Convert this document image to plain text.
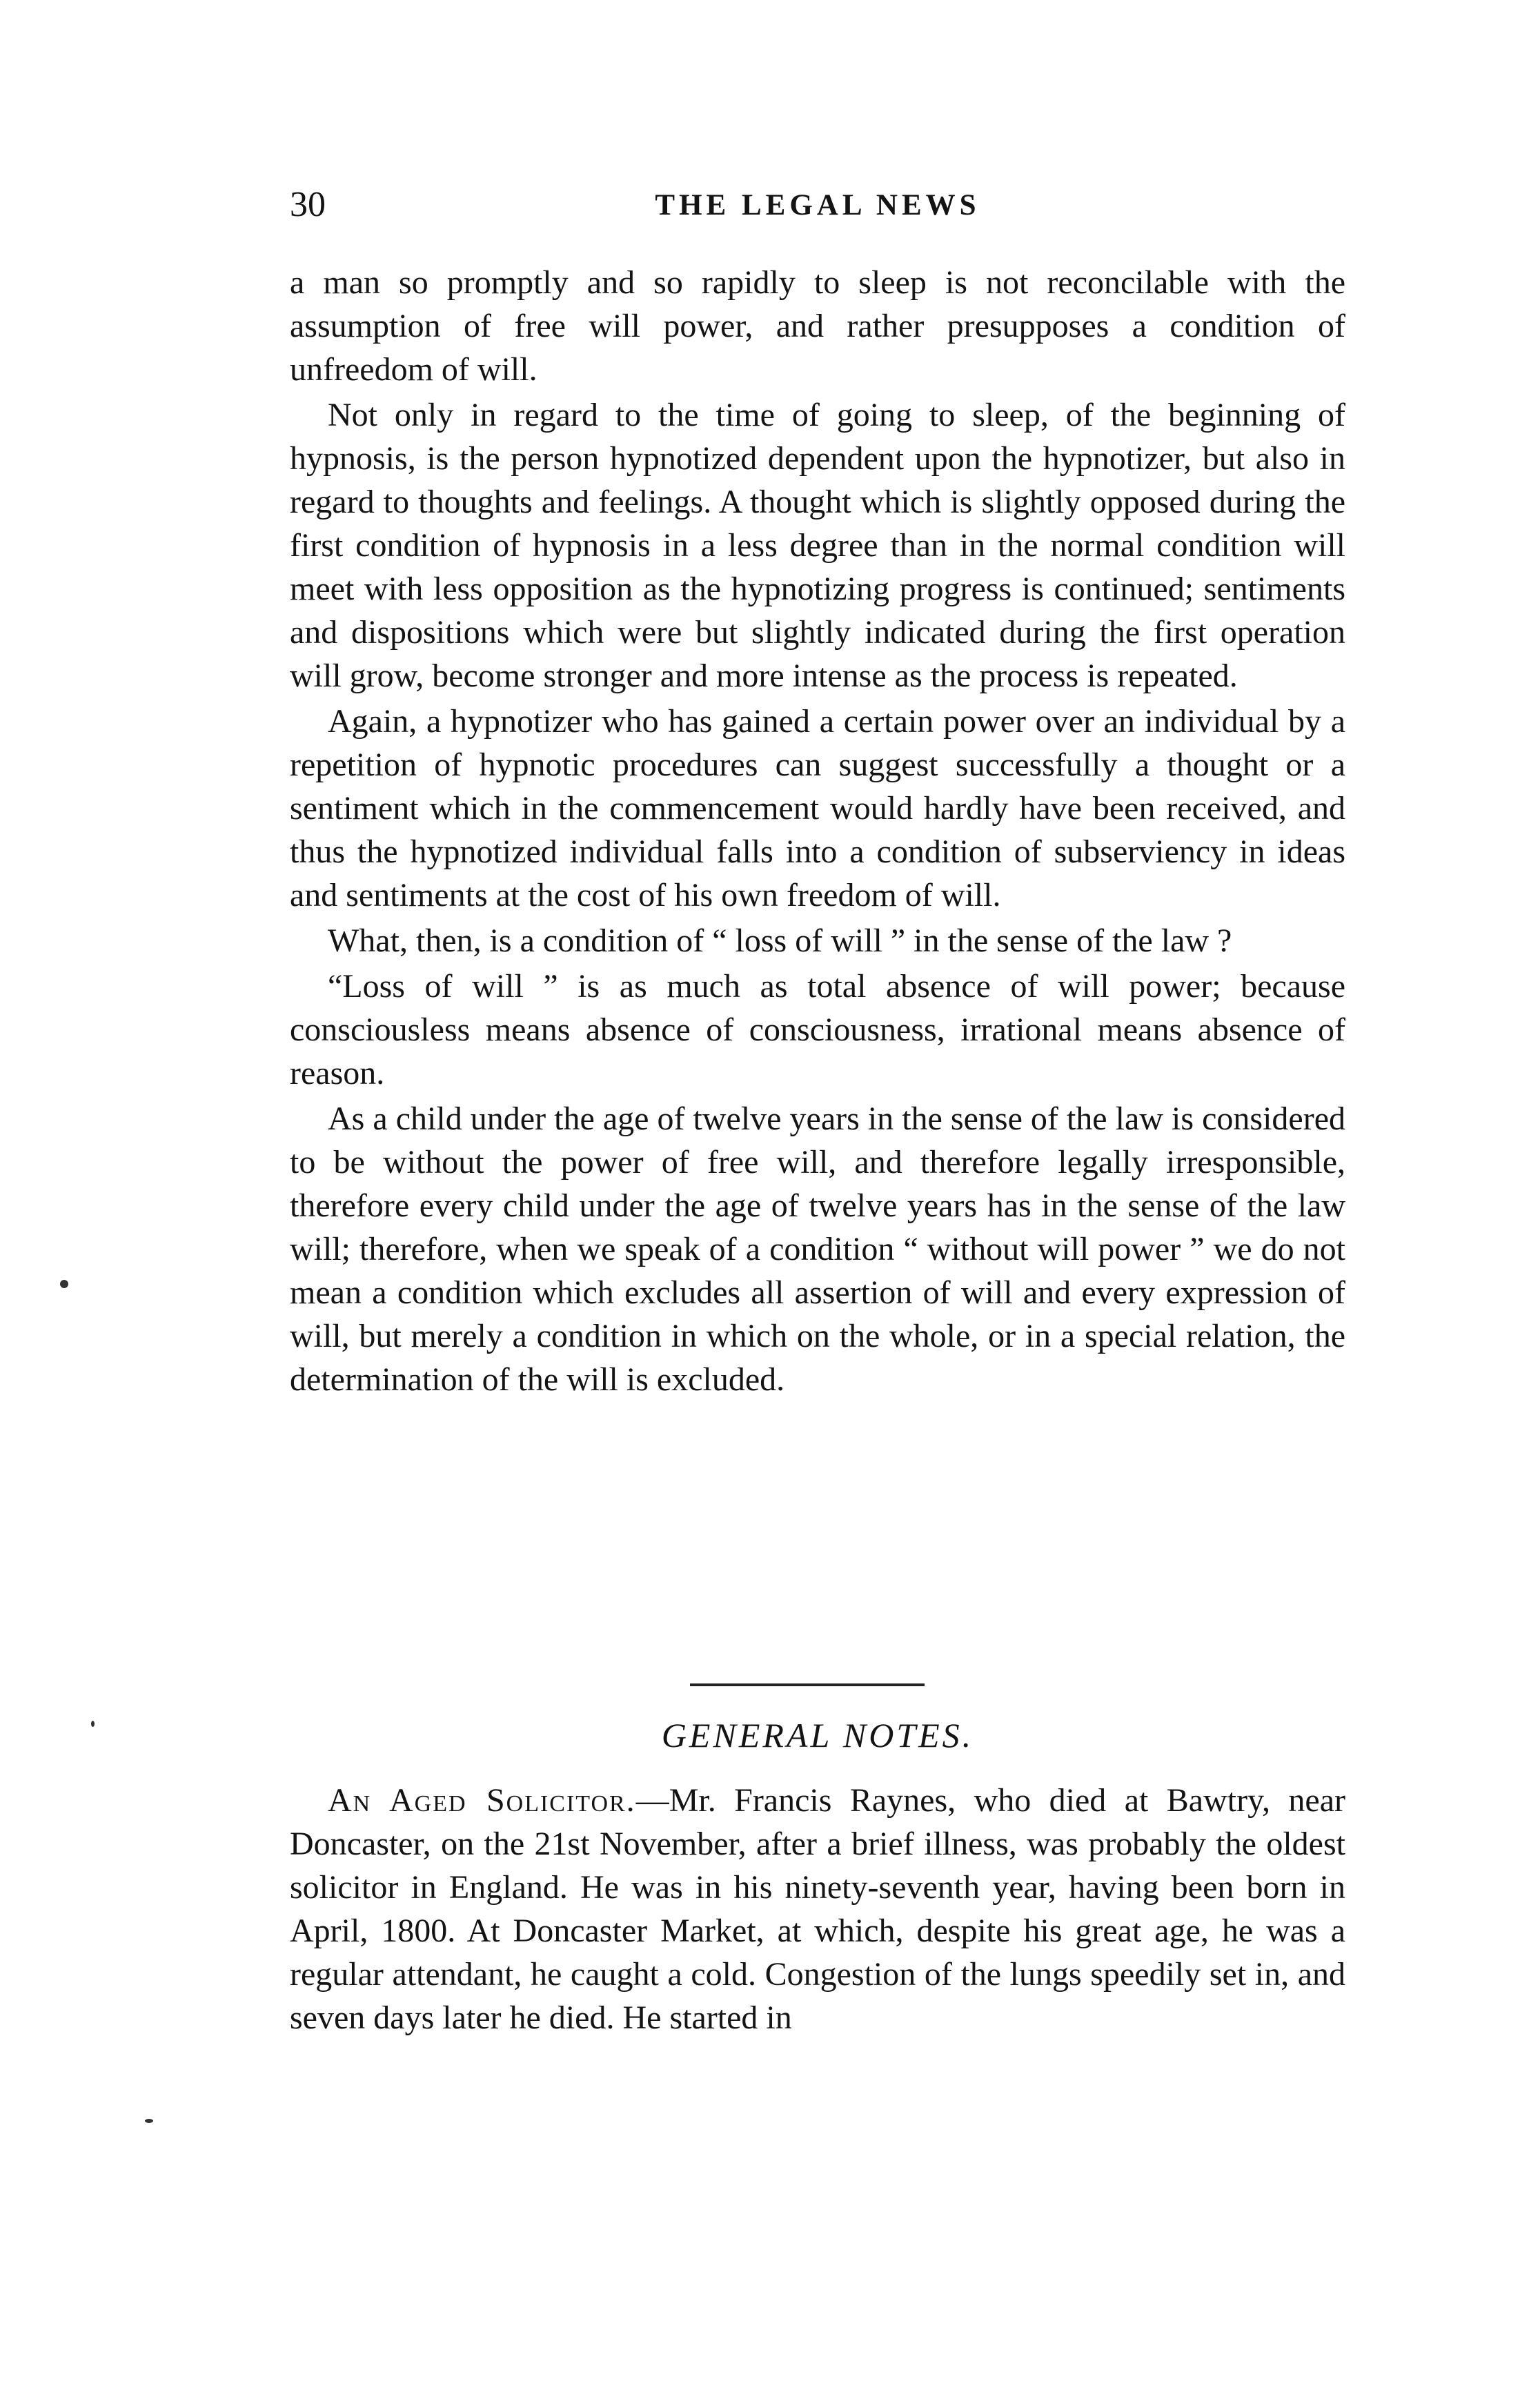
30	THE LEGAL NEWS

a man so promptly and so rapidly to sleep is not reconcilable with the assumption of free will power, and rather presupposes a condition of unfreedom of will.

Not only in regard to the time of going to sleep, of the beginning of hypnosis, is the person hypnotized dependent upon the hypnotizer, but also in regard to thoughts and feelings. A thought which is slightly opposed during the first condition of hypnosis in a less degree than in the normal condition will meet with less opposition as the hypnotizing progress is continued; sentiments and dispositions which were but slightly indicated during the first operation will grow, become stronger and more intense as the process is repeated.

Again, a hypnotizer who has gained a certain power over an individual by a repetition of hypnotic procedures can suggest successfully a thought or a sentiment which in the commencement would hardly have been received, and thus the hypnotized individual falls into a condition of subserviency in ideas and sentiments at the cost of his own freedom of will.

What, then, is a condition of “ loss of will ” in the sense of the law ?

“Loss of will ” is as much as total absence of will power; because consciousless means absence of consciousness, irrational means absence of reason.

As a child under the age of twelve years in the sense of the law is considered to be without the power of free will, and therefore legally irresponsible, therefore every child under the age of twelve years has in the sense of the law will; therefore, when we speak of a condition “ without will power ” we do not mean a condition which excludes all assertion of will and every expression of will, but merely a condition in which on the whole, or in a special relation, the determination of the will is excluded.

GENERAL NOTES.

An Aged Solicitor.—Mr. Francis Raynes, who died at Bawtry, near Doncaster, on the 21st November, after a brief illness, was probably the oldest solicitor in England. He was in his ninety-seventh year, having been born in April, 1800. At Doncaster Market, at which, despite his great age, he was a regular attendant, he caught a cold. Congestion of the lungs speedily set in, and seven days later he died. He started in
